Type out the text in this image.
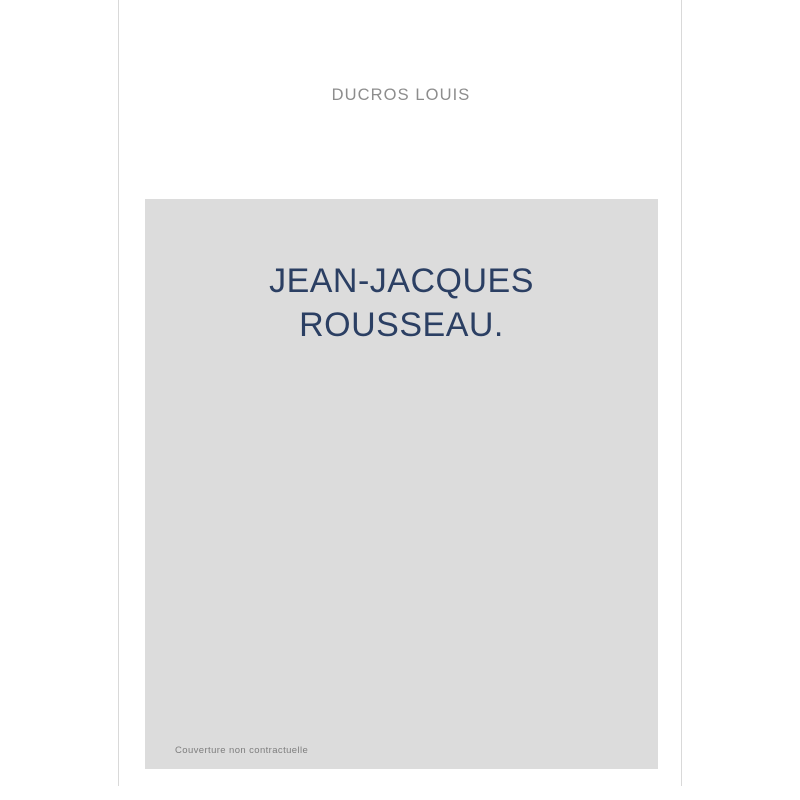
DUCROS LOUIS
JEAN-JACQUES
ROUSSEAU.
Couverture non contractuelle
